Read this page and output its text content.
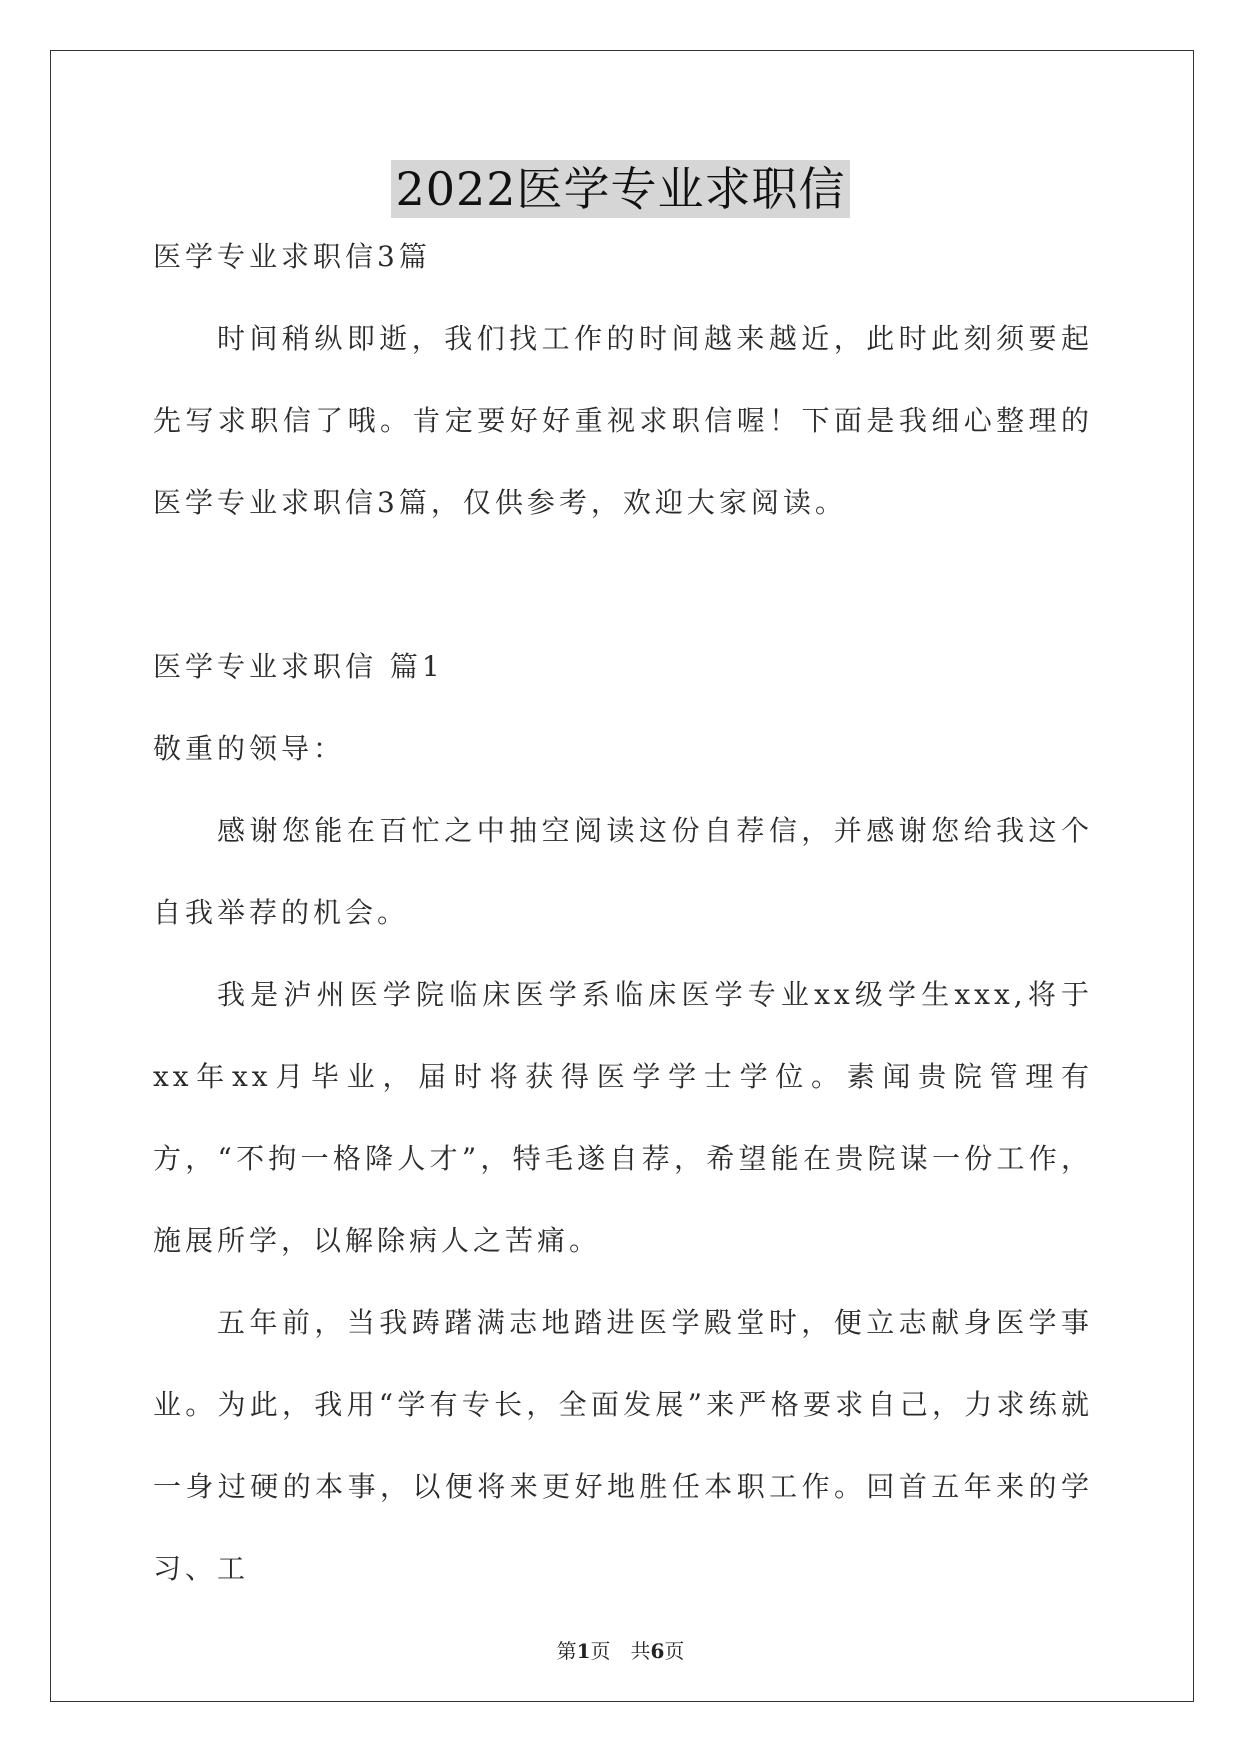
2022医学专业求职信

医学专业求职信3篇

时间稍纵即逝，我们找工作的时间越来越近，此时此刻须要起先写求职信了哦。肯定要好好重视求职信喔！下面是我细心整理的医学专业求职信3篇，仅供参考，欢迎大家阅读。

医学专业求职信 篇1

敬重的领导：

感谢您能在百忙之中抽空阅读这份自荐信，并感谢您给我这个自我举荐的机会。

我是泸州医学院临床医学系临床医学专业xx级学生xxx,将于xx年xx月毕业，届时将获得医学学士学位。素闻贵院管理有方，“不拘一格降人才”，特毛遂自荐，希望能在贵院谋一份工作，施展所学，以解除病人之苦痛。

五年前，当我踌躇满志地踏进医学殿堂时，便立志献身医学事业。为此，我用“学有专长，全面发展”来严格要求自己，力求练就一身过硬的本事，以便将来更好地胜任本职工作。回首五年来的学习、工

第1页　共6页
